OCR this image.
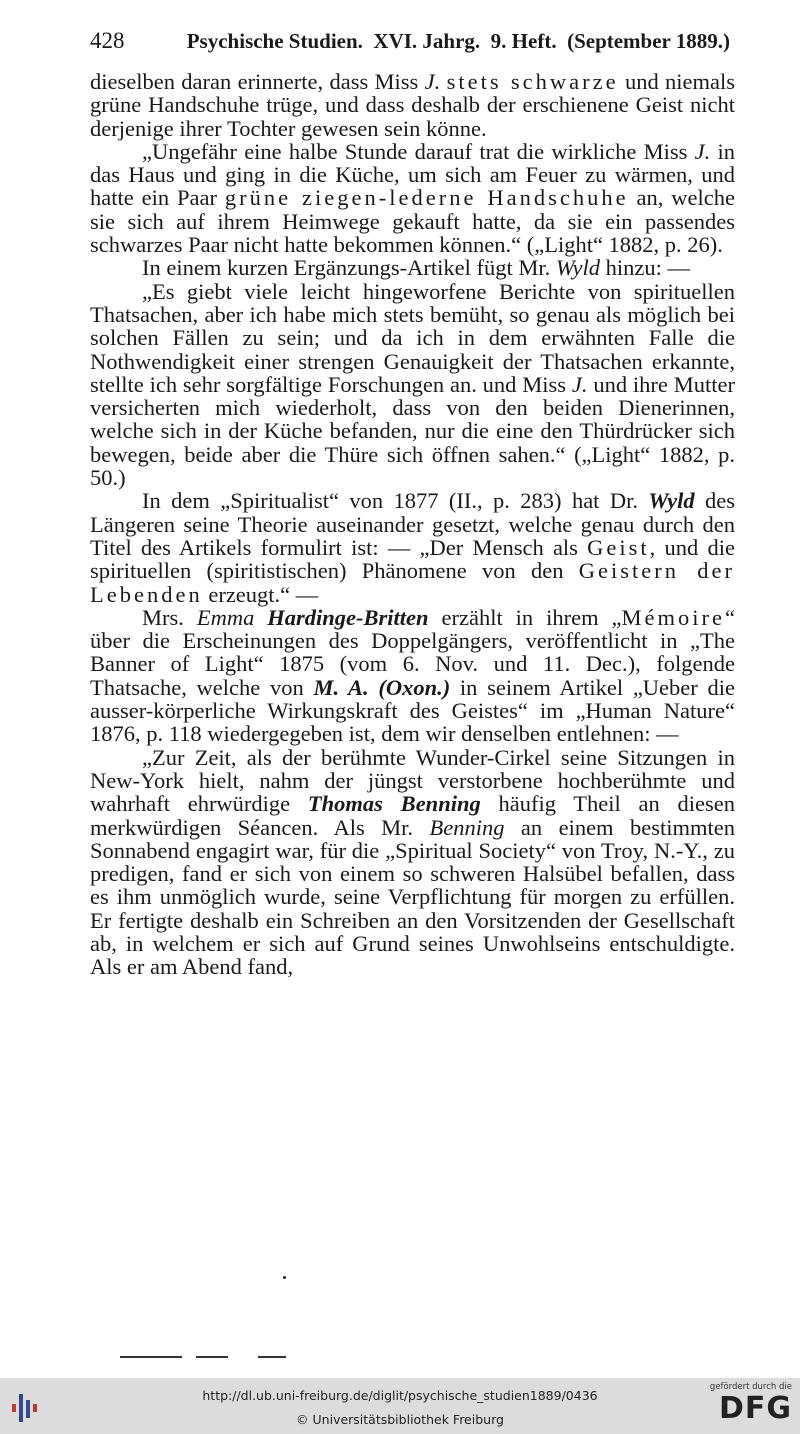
428	Psychische Studien.  XVI. Jahrg.  9. Heft.  (September 1889.)

dieselben daran erinnerte, dass Miss J. stets schwarze und niemals grüne Handschuhe trüge, und dass deshalb der erschienene Geist nicht derjenige ihrer Tochter gewesen sein könne.

„Ungefähr eine halbe Stunde darauf trat die wirkliche Miss J. in das Haus und ging in die Küche, um sich am Feuer zu wärmen, und hatte ein Paar grüne ziegen-lederne Handschuhe an, welche sie sich auf ihrem Heimwege gekauft hatte, da sie ein passendes schwarzes Paar nicht hatte bekommen können.“ („Light“ 1882, p. 26).

In einem kurzen Ergänzungs-Artikel fügt Mr. Wyld hinzu: —

„Es giebt viele leicht hingeworfene Berichte von spirituellen Thatsachen, aber ich habe mich stets bemüht, so genau als möglich bei solchen Fällen zu sein; und da ich in dem erwähnten Falle die Nothwendigkeit einer strengen Genauigkeit der Thatsachen erkannte, stellte ich sehr sorgfältige Forschungen an. und Miss J. und ihre Mutter versicherten mich wiederholt, dass von den beiden Dienerinnen, welche sich in der Küche befanden, nur die eine den Thürdrücker sich bewegen, beide aber die Thüre sich öffnen sahen.“ („Light“ 1882, p. 50.)

In dem „Spiritualist“ von 1877 (II., p. 283) hat Dr. Wyld des Längeren seine Theorie auseinander gesetzt, welche genau durch den Titel des Artikels formulirt ist: — „Der Mensch als Geist, und die spirituellen (spiritistischen) Phänomene von den Geistern der Lebenden erzeugt.“ —

Mrs. Emma Hardinge-Britten erzählt in ihrem „Mémoire“ über die Erscheinungen des Doppelgängers, veröffentlicht in „The Banner of Light“ 1875 (vom 6. Nov. und 11. Dec.), folgende Thatsache, welche von M. A. (Oxon.) in seinem Artikel „Ueber die ausser-körperliche Wirkungskraft des Geistes“ im „Human Nature“ 1876, p. 118 wiedergegeben ist, dem wir denselben entlehnen: —

„Zur Zeit, als der berühmte Wunder-Cirkel seine Sitzungen in New-York hielt, nahm der jüngst verstorbene hochberühmte und wahrhaft ehrwürdige Thomas Benning häufig Theil an diesen merkwürdigen Séancen. Als Mr. Benning an einem bestimmten Sonnabend engagirt war, für die „Spiritual Society“ von Troy, N.-Y., zu predigen, fand er sich von einem so schweren Halsübel befallen, dass es ihm unmöglich wurde, seine Verpflichtung für morgen zu erfüllen. Er fertigte deshalb ein Schreiben an den Vorsitzenden der Gesellschaft ab, in welchem er sich auf Grund seines Unwohlseins entschuldigte. Als er am Abend fand,

http://dl.ub.uni-freiburg.de/diglit/psychische_studien1889/0436
© Universitätsbibliothek Freiburg
gefördert durch die
DFG
